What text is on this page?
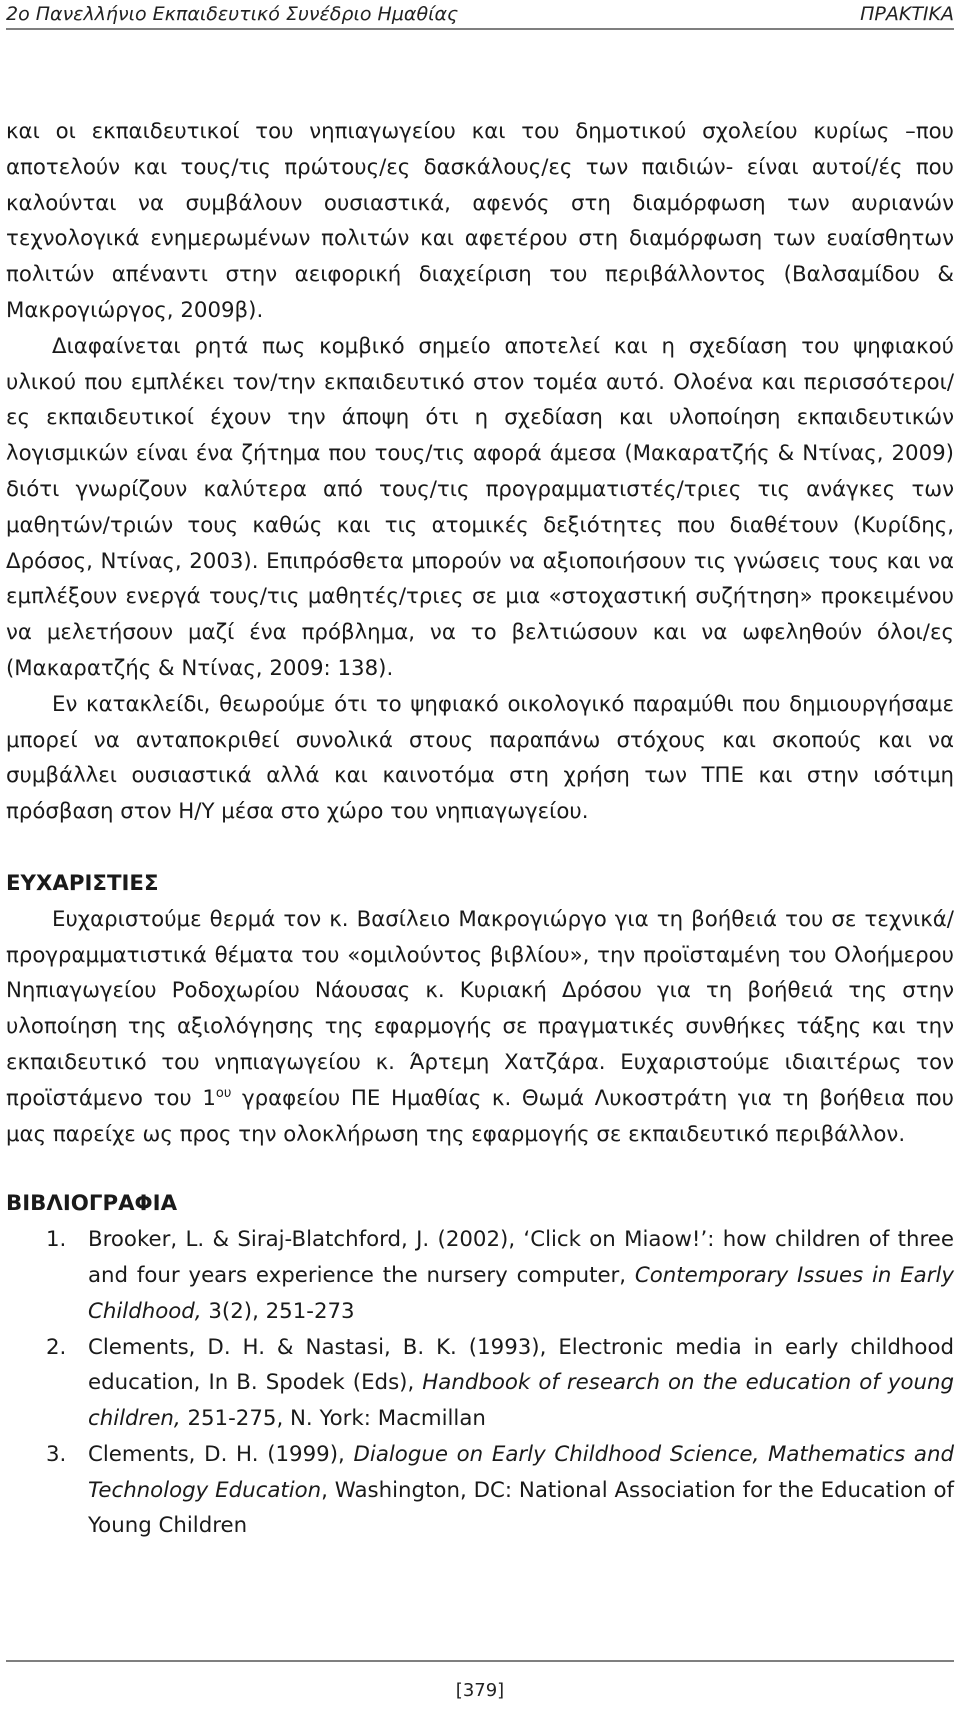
2ο Πανελλήνιο Εκπαιδευτικό Συνέδριο Ημαθίας	ΠΡΑΚΤΙΚΑ

και οι εκπαιδευτικοί του νηπιαγωγείου και του δημοτικού σχολείου κυρίως –που αποτελούν και τους/τις πρώτους/ες δασκάλους/ες των παιδιών- είναι αυτοί/ές που καλούνται να συμβάλουν ουσιαστικά, αφενός στη διαμόρφωση των αυριανών τεχνολογικά ενημερωμένων πολιτών και αφετέρου στη διαμόρφωση των ευαίσθητων πολιτών απέναντι στην αειφορική διαχείριση του περιβάλλοντος (Βαλσαμίδου & Μακρογιώργος, 2009β).

Διαφαίνεται ρητά πως κομβικό σημείο αποτελεί και η σχεδίαση του ψηφιακού υλικού που εμπλέκει τον/την εκπαιδευτικό στον τομέα αυτό. Ολοένα και περισσότεροι/ες εκπαιδευτικοί έχουν την άποψη ότι η σχεδίαση και υλοποίηση εκπαιδευτικών λογισμικών είναι ένα ζήτημα που τους/τις αφορά άμεσα (Μακαρατζής & Ντίνας, 2009) διότι γνωρίζουν καλύτερα από τους/τις προγραμματιστές/τριες τις ανάγκες των μαθητών/τριών τους καθώς και τις ατομικές δεξιότητες που διαθέτουν (Κυρίδης, Δρόσος, Ντίνας, 2003). Επιπρόσθετα μπορούν να αξιοποιήσουν τις γνώσεις τους και να εμπλέξουν ενεργά τους/τις μαθητές/τριες σε μια «στοχαστική συζήτηση» προκειμένου να μελετήσουν μαζί ένα πρόβλημα, να το βελτιώσουν και να ωφεληθούν όλοι/ες (Μακαρατζής & Ντίνας, 2009: 138).

Εν κατακλείδι, θεωρούμε ότι το ψηφιακό οικολογικό παραμύθι που δημιουργήσαμε μπορεί να ανταποκριθεί συνολικά στους παραπάνω στόχους και σκοπούς και να συμβάλλει ουσιαστικά αλλά και καινοτόμα στη χρήση των ΤΠΕ και στην ισότιμη πρόσβαση στον Η/Υ μέσα στο χώρο του νηπιαγωγείου.

ΕΥΧΑΡΙΣΤΙΕΣ

Ευχαριστούμε θερμά τον κ. Βασίλειο Μακρογιώργο για τη βοήθειά του σε τεχνικά/προγραμματιστικά θέματα του «ομιλούντος βιβλίου», την προϊσταμένη του Ολοήμερου Νηπιαγωγείου Ροδοχωρίου Νάουσας κ. Κυριακή Δρόσου για τη βοήθειά της στην υλοποίηση της αξιολόγησης της εφαρμογής σε πραγματικές συνθήκες τάξης και την εκπαιδευτικό του νηπιαγωγείου κ. Άρτεμη Χατζάρα. Ευχαριστούμε ιδιαιτέρως τον προϊστάμενο του $1^{o\upsilon}$ γραφείου ΠΕ Ημαθίας κ. Θωμά Λυκοστράτη για τη βοήθεια που μας παρείχε ως προς την ολοκλήρωση της εφαρμογής σε εκπαιδευτικό περιβάλλον.

ΒΙΒΛΙΟΓΡΑΦΙΑ
1. Brooker, L. & Siraj-Blatchford, J. (2002), ‘Click on Miaow!’: how children of three and four years experience the nursery computer, Contemporary Issues in Early Childhood, 3(2), 251-273
2. Clements, D. H. & Nastasi, B. K. (1993), Electronic media in early childhood education, In B. Spodek (Eds), Handbook of research on the education of young children, 251-275, N. York: Macmillan
3. Clements, D. H. (1999), Dialogue on Early Childhood Science, Mathematics and Technology Education, Washington, DC: National Association for the Education of Young Children
[379]
